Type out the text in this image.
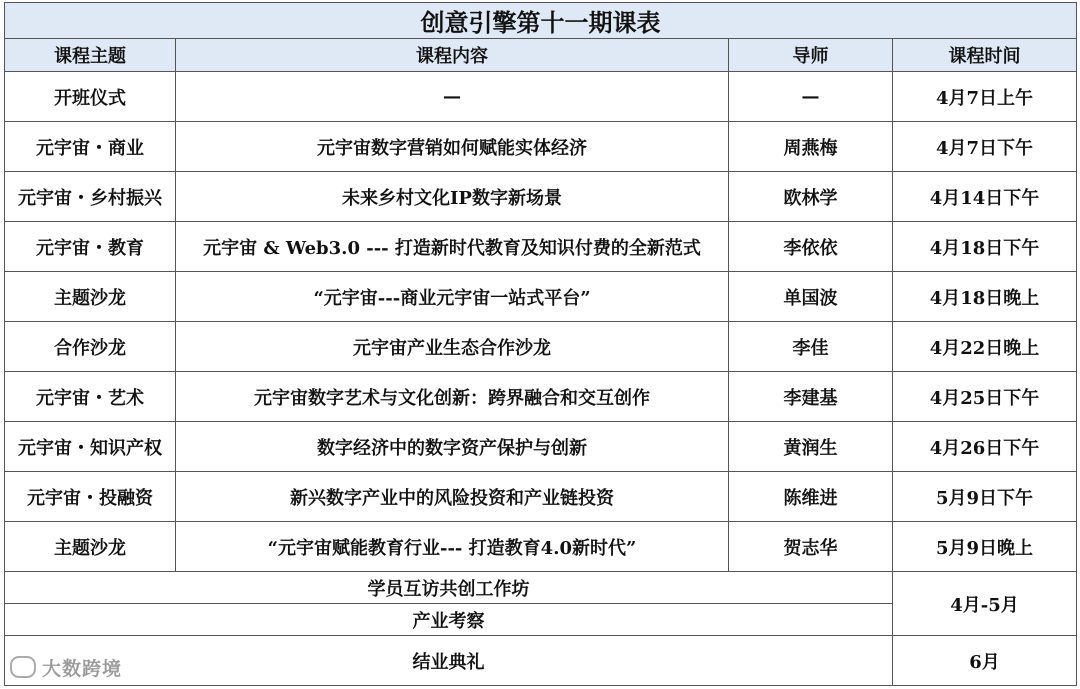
创意引擎第十一期课表			
课程主题	课程内容	导师	课程时间
开班仪式	—	—	4月7日上午
元宇宙・商业	元宇宙数字营销如何赋能实体经济	周燕梅	4月7日下午
元宇宙・乡村振兴	未来乡村文化IP数字新场景	欧林学	4月14日下午
元宇宙・教育	元宇宙 & Web3.0 --- 打造新时代教育及知识付费的全新范式	李依依	4月18日下午
主题沙龙	“元宇宙---商业元宇宙一站式平台”	单国波	4月18日晚上
合作沙龙	元宇宙产业生态合作沙龙	李佳	4月22日晚上
元宇宙・艺术	元宇宙数字艺术与文化创新：跨界融合和交互创作	李建基	4月25日下午
元宇宙・知识产权	数字经济中的数字资产保护与创新	黄润生	4月26日下午
元宇宙・投融资	新兴数字产业中的风险投资和产业链投资	陈维进	5月9日下午
主题沙龙	“元宇宙赋能教育行业--- 打造教育4.0新时代”	贺志华	5月9日晚上
学员互访共创工作坊			4月-5月
产业考察			
结业典礼			6月
大数跨境
